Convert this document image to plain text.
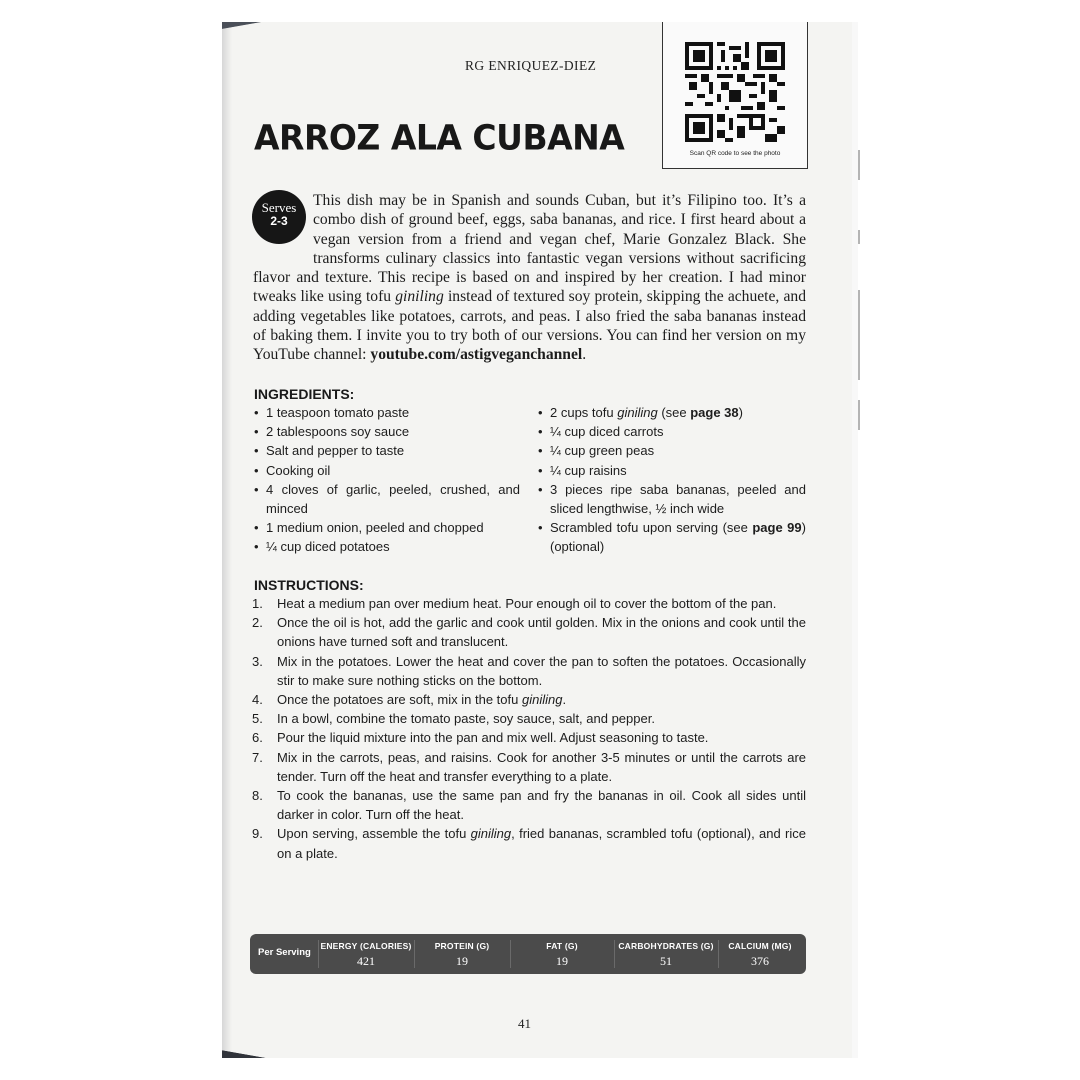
RG ENRIQUEZ-DIEZ
Scan QR code to see the photo
ARROZ ALA CUBANA
Serves
2-3

This dish may be in Spanish and sounds Cuban, but it’s Filipino too. It’s a combo dish of ground beef, eggs, saba bananas, and rice. I first heard about a vegan version from a friend and vegan chef, Marie Gonzalez Black. She transforms culinary classics into fantastic vegan versions without sacrificing flavor and texture. This recipe is based on and inspired by her creation. I had minor tweaks like using tofu giniling instead of textured soy protein, skipping the achuete, and adding vegetables like potatoes, carrots, and peas. I also fried the saba bananas instead of baking them. I invite you to try both of our versions. You can find her version on my YouTube channel: youtube.com/astigveganchannel.

INGREDIENTS:
• 1 teaspoon tomato paste
• 2 tablespoons soy sauce
• Salt and pepper to taste
• Cooking oil
• 4 cloves of garlic, peeled, crushed, and minced
• 1 medium onion, peeled and chopped
• ¼ cup diced potatoes
• 2 cups tofu giniling (see page 38)
• ¼ cup diced carrots
• ¼ cup green peas
• ¼ cup raisins
• 3 pieces ripe saba bananas, peeled and sliced lengthwise, ½ inch wide
• Scrambled tofu upon serving (see page 99) (optional)
INSTRUCTIONS:
1. Heat a medium pan over medium heat. Pour enough oil to cover the bottom of the pan.
2. Once the oil is hot, add the garlic and cook until golden. Mix in the onions and cook until the onions have turned soft and translucent.
3. Mix in the potatoes. Lower the heat and cover the pan to soften the potatoes. Occasionally stir to make sure nothing sticks on the bottom.
4. Once the potatoes are soft, mix in the tofu giniling.
5. In a bowl, combine the tomato paste, soy sauce, salt, and pepper.
6. Pour the liquid mixture into the pan and mix well. Adjust seasoning to taste.
7. Mix in the carrots, peas, and raisins. Cook for another 3-5 minutes or until the carrots are tender. Turn off the heat and transfer everything to a plate.
8. To cook the bananas, use the same pan and fry the bananas in oil. Cook all sides until darker in color. Turn off the heat.
9. Upon serving, assemble the tofu giniling, fried bananas, scrambled tofu (optional), and rice on a plate.
Per Serving
ENERGY (CALORIES)
421
PROTEIN (G)
19
FAT (G)
19
CARBOHYDRATES (G)
51
CALCIUM (MG)
376
41
